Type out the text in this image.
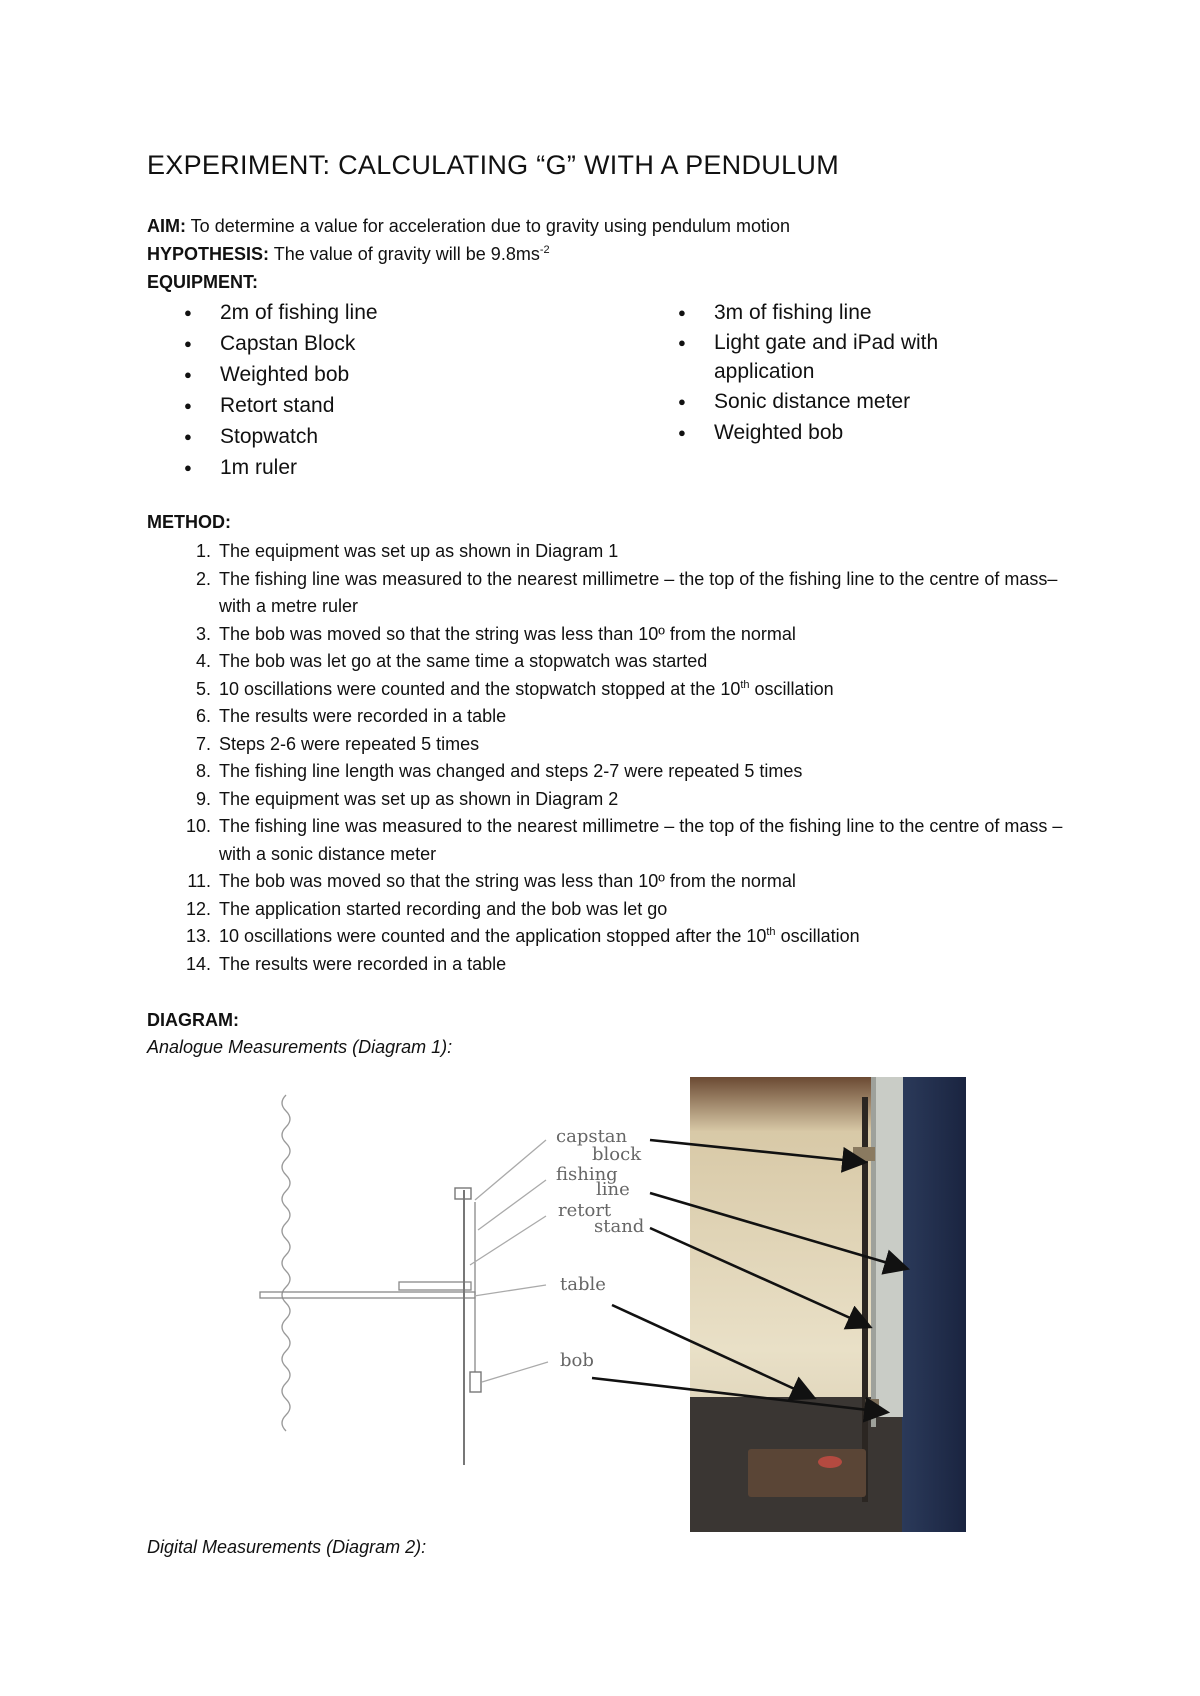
EXPERIMENT: CALCULATING “G” WITH A PENDULUM
AIM: To determine a value for acceleration due to gravity using pendulum motion
HYPOTHESIS: The value of gravity will be $9.8ms^{-2}$
EQUIPMENT:
● 2m of fishing line
● Capstan Block
● Weighted bob
● Retort stand
● Stopwatch
● 1m ruler
● 3m of fishing line
● Light gate and iPad with application
● Sonic distance meter
● Weighted bob
METHOD:
1. The equipment was set up as shown in Diagram 1
2. The fishing line was measured to the nearest millimetre – the top of the fishing line to the centre of mass– with a metre ruler
3. The bob was moved so that the string was less than 10º from the normal
4. The bob was let go at the same time a stopwatch was started
5. 10 oscillations were counted and the stopwatch stopped at the 10th oscillation
6. The results were recorded in a table
7. Steps 2-6 were repeated 5 times
8. The fishing line length was changed and steps 2-7 were repeated 5 times
9. The equipment was set up as shown in Diagram 2
10. The fishing line was measured to the nearest millimetre – the top of the fishing line to the centre of mass – with a sonic distance meter
11. The bob was moved so that the string was less than 10º from the normal
12. The application started recording and the bob was let go
13. 10 oscillations were counted and the application stopped after the 10th oscillation
14. The results were recorded in a table
DIAGRAM:
Analogue Measurements (Diagram 1):
capstan
block
fishing
line
retort
stand
table
bob
Digital Measurements (Diagram 2):
